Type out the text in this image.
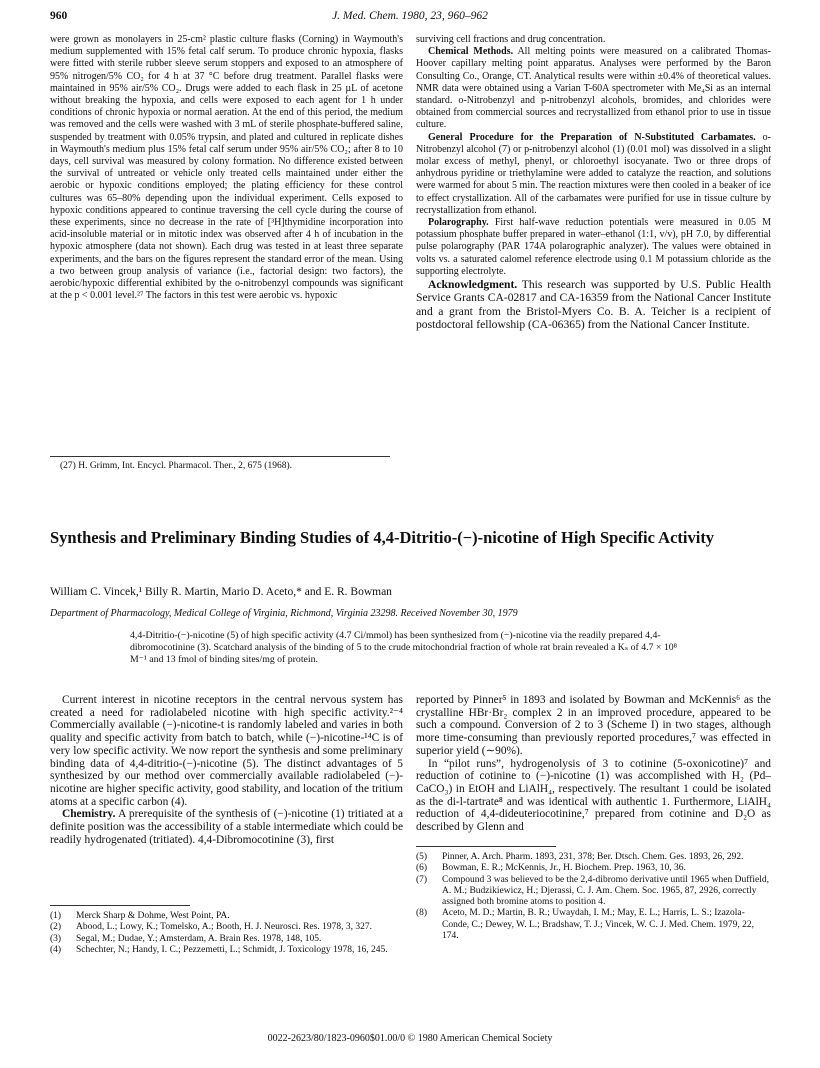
960	J. Med. Chem. 1980, 23, 960–962

were grown as monolayers in 25-cm² plastic culture flasks (Corning) in Waymouth's medium supplemented with 15% fetal calf serum. To produce chronic hypoxia, flasks were fitted with sterile rubber sleeve serum stoppers and exposed to an atmosphere of 95% nitrogen/5% CO₂ for 4 h at 37 °C before drug treatment. Parallel flasks were maintained in 95% air/5% CO₂. Drugs were added to each flask in 25 µL of acetone without breaking the hypoxia, and cells were exposed to each agent for 1 h under conditions of chronic hypoxia or normal aeration. At the end of this period, the medium was removed and the cells were washed with 3 mL of sterile phosphate-buffered saline, suspended by treatment with 0.05% trypsin, and plated and cultured in replicate dishes in Waymouth's medium plus 15% fetal calf serum under 95% air/5% CO₂; after 8 to 10 days, cell survival was measured by colony formation. No difference existed between the survival of untreated or vehicle only treated cells maintained under either the aerobic or hypoxic conditions employed; the plating efficiency for these control cultures was 65–80% depending upon the individual experiment. Cells exposed to hypoxic conditions appeared to continue traversing the cell cycle during the course of these experiments, since no decrease in the rate of [³H]thymidine incorporation into acid-insoluble material or in mitotic index was observed after 4 h of incubation in the hypoxic atmosphere (data not shown). Each drug was tested in at least three separate experiments, and the bars on the figures represent the standard error of the mean. Using a two between group analysis of variance (i.e., factorial design: two factors), the aerobic/hypoxic differential exhibited by the o-nitrobenzyl compounds was significant at the p < 0.001 level.²⁷ The factors in this test were aerobic vs. hypoxic

surviving cell fractions and drug concentration.

Chemical Methods. All melting points were measured on a calibrated Thomas-Hoover capillary melting point apparatus. Analyses were performed by the Baron Consulting Co., Orange, CT. Analytical results were within ±0.4% of theoretical values. NMR data were obtained using a Varian T-60A spectrometer with Me₄Si as an internal standard. o-Nitrobenzyl and p-nitrobenzyl alcohols, bromides, and chlorides were obtained from commercial sources and recrystallized from ethanol prior to use in tissue culture.

General Procedure for the Preparation of N-Substituted Carbamates. o-Nitrobenzyl alcohol (7) or p-nitrobenzyl alcohol (1) (0.01 mol) was dissolved in a slight molar excess of methyl, phenyl, or chloroethyl isocyanate. Two or three drops of anhydrous pyridine or triethylamine were added to catalyze the reaction, and solutions were warmed for about 5 min. The reaction mixtures were then cooled in a beaker of ice to effect crystallization. All of the carbamates were purified for use in tissue culture by recrystallization from ethanol.

Polarography. First half-wave reduction potentials were measured in 0.05 M potassium phosphate buffer prepared in water–ethanol (1:1, v/v), pH 7.0, by differential pulse polarography (PAR 174A polarographic analyzer). The values were obtained in volts vs. a saturated calomel reference electrode using 0.1 M potassium chloride as the supporting electrolyte.

Acknowledgment. This research was supported by U.S. Public Health Service Grants CA-02817 and CA-16359 from the National Cancer Institute and a grant from the Bristol-Myers Co. B. A. Teicher is a recipient of postdoctoral fellowship (CA-06365) from the National Cancer Institute.

(27) H. Grimm, Int. Encycl. Pharmacol. Ther., 2, 675 (1968).
Synthesis and Preliminary Binding Studies of 4,4-Ditritio-(−)-nicotine of High Specific Activity
William C. Vincek,¹ Billy R. Martin, Mario D. Aceto,* and E. R. Bowman
Department of Pharmacology, Medical College of Virginia, Richmond, Virginia 23298. Received November 30, 1979
4,4-Ditritio-(−)-nicotine (5) of high specific activity (4.7 Ci/mmol) has been synthesized from (−)-nicotine via the readily prepared 4,4-dibromocotinine (3). Scatchard analysis of the binding of 5 to the crude mitochondrial fraction of whole rat brain revealed a Kₛ of 4.7 × 10⁸ M⁻¹ and 13 fmol of binding sites/mg of protein.

Current interest in nicotine receptors in the central nervous system has created a need for radiolabeled nicotine with high specific activity.²⁻⁴ Commercially available (−)-nicotine-t is randomly labeled and varies in both quality and specific activity from batch to batch, while (−)-nicotine-¹⁴C is of very low specific activity. We now report the synthesis and some preliminary binding data of 4,4-ditritio-(−)-nicotine (5). The distinct advantages of 5 synthesized by our method over commercially available radiolabeled (−)-nicotine are higher specific activity, good stability, and location of the tritium atoms at a specific carbon (4).

Chemistry. A prerequisite of the synthesis of (−)-nicotine (1) tritiated at a definite position was the accessibility of a stable intermediate which could be readily hydrogenated (tritiated). 4,4-Dibromocotinine (3), first

reported by Pinner⁵ in 1893 and isolated by Bowman and McKennis⁶ as the crystalline HBr·Br₂ complex 2 in an improved procedure, appeared to be such a compound. Conversion of 2 to 3 (Scheme I) in two stages, although more time-consuming than previously reported procedures,⁷ was effected in superior yield (∼90%).

In “pilot runs”, hydrogenolysis of 3 to cotinine (5-oxonicotine)⁷ and reduction of cotinine to (−)-nicotine (1) was accomplished with H₂ (Pd–CaCO₃) in EtOH and LiAlH₄, respectively. The resultant 1 could be isolated as the di-l-tartrate⁸ and was identical with authentic 1. Furthermore, LiAlH₄ reduction of 4,4-dideuteriocotinine,⁷ prepared from cotinine and D₂O as described by Glenn and

(1) Merck Sharp & Dohme, West Point, PA.
(2) Abood, L.; Lowy, K.; Tomelsko, A.; Booth, H. J. Neurosci. Res. 1978, 3, 327.
(3) Segal, M.; Dudae, Y.; Amsterdam, A. Brain Res. 1978, 148, 105.
(4) Schechter, N.; Handy, I. C.; Pezzemetti, L.; Schmidt, J. Toxicology 1978, 16, 245.
(5) Pinner, A. Arch. Pharm. 1893, 231, 378; Ber. Dtsch. Chem. Ges. 1893, 26, 292.
(6) Bowman, E. R.; McKennis, Jr., H. Biochem. Prep. 1963, 10, 36.
(7) Compound 3 was believed to be the 2,4-dibromo derivative until 1965 when Duffield, A. M.; Budzikiewicz, H.; Djerassi, C. J. Am. Chem. Soc. 1965, 87, 2926, correctly assigned both bromine atoms to position 4.
(8) Aceto, M. D.; Martin, B. R.; Uwaydah, I. M.; May, E. L.; Harris, L. S.; Izazola-Conde, C.; Dewey, W. L.; Bradshaw, T. J.; Vincek, W. C. J. Med. Chem. 1979, 22, 174.
0022-2623/80/1823-0960$01.00/0 © 1980 American Chemical Society
